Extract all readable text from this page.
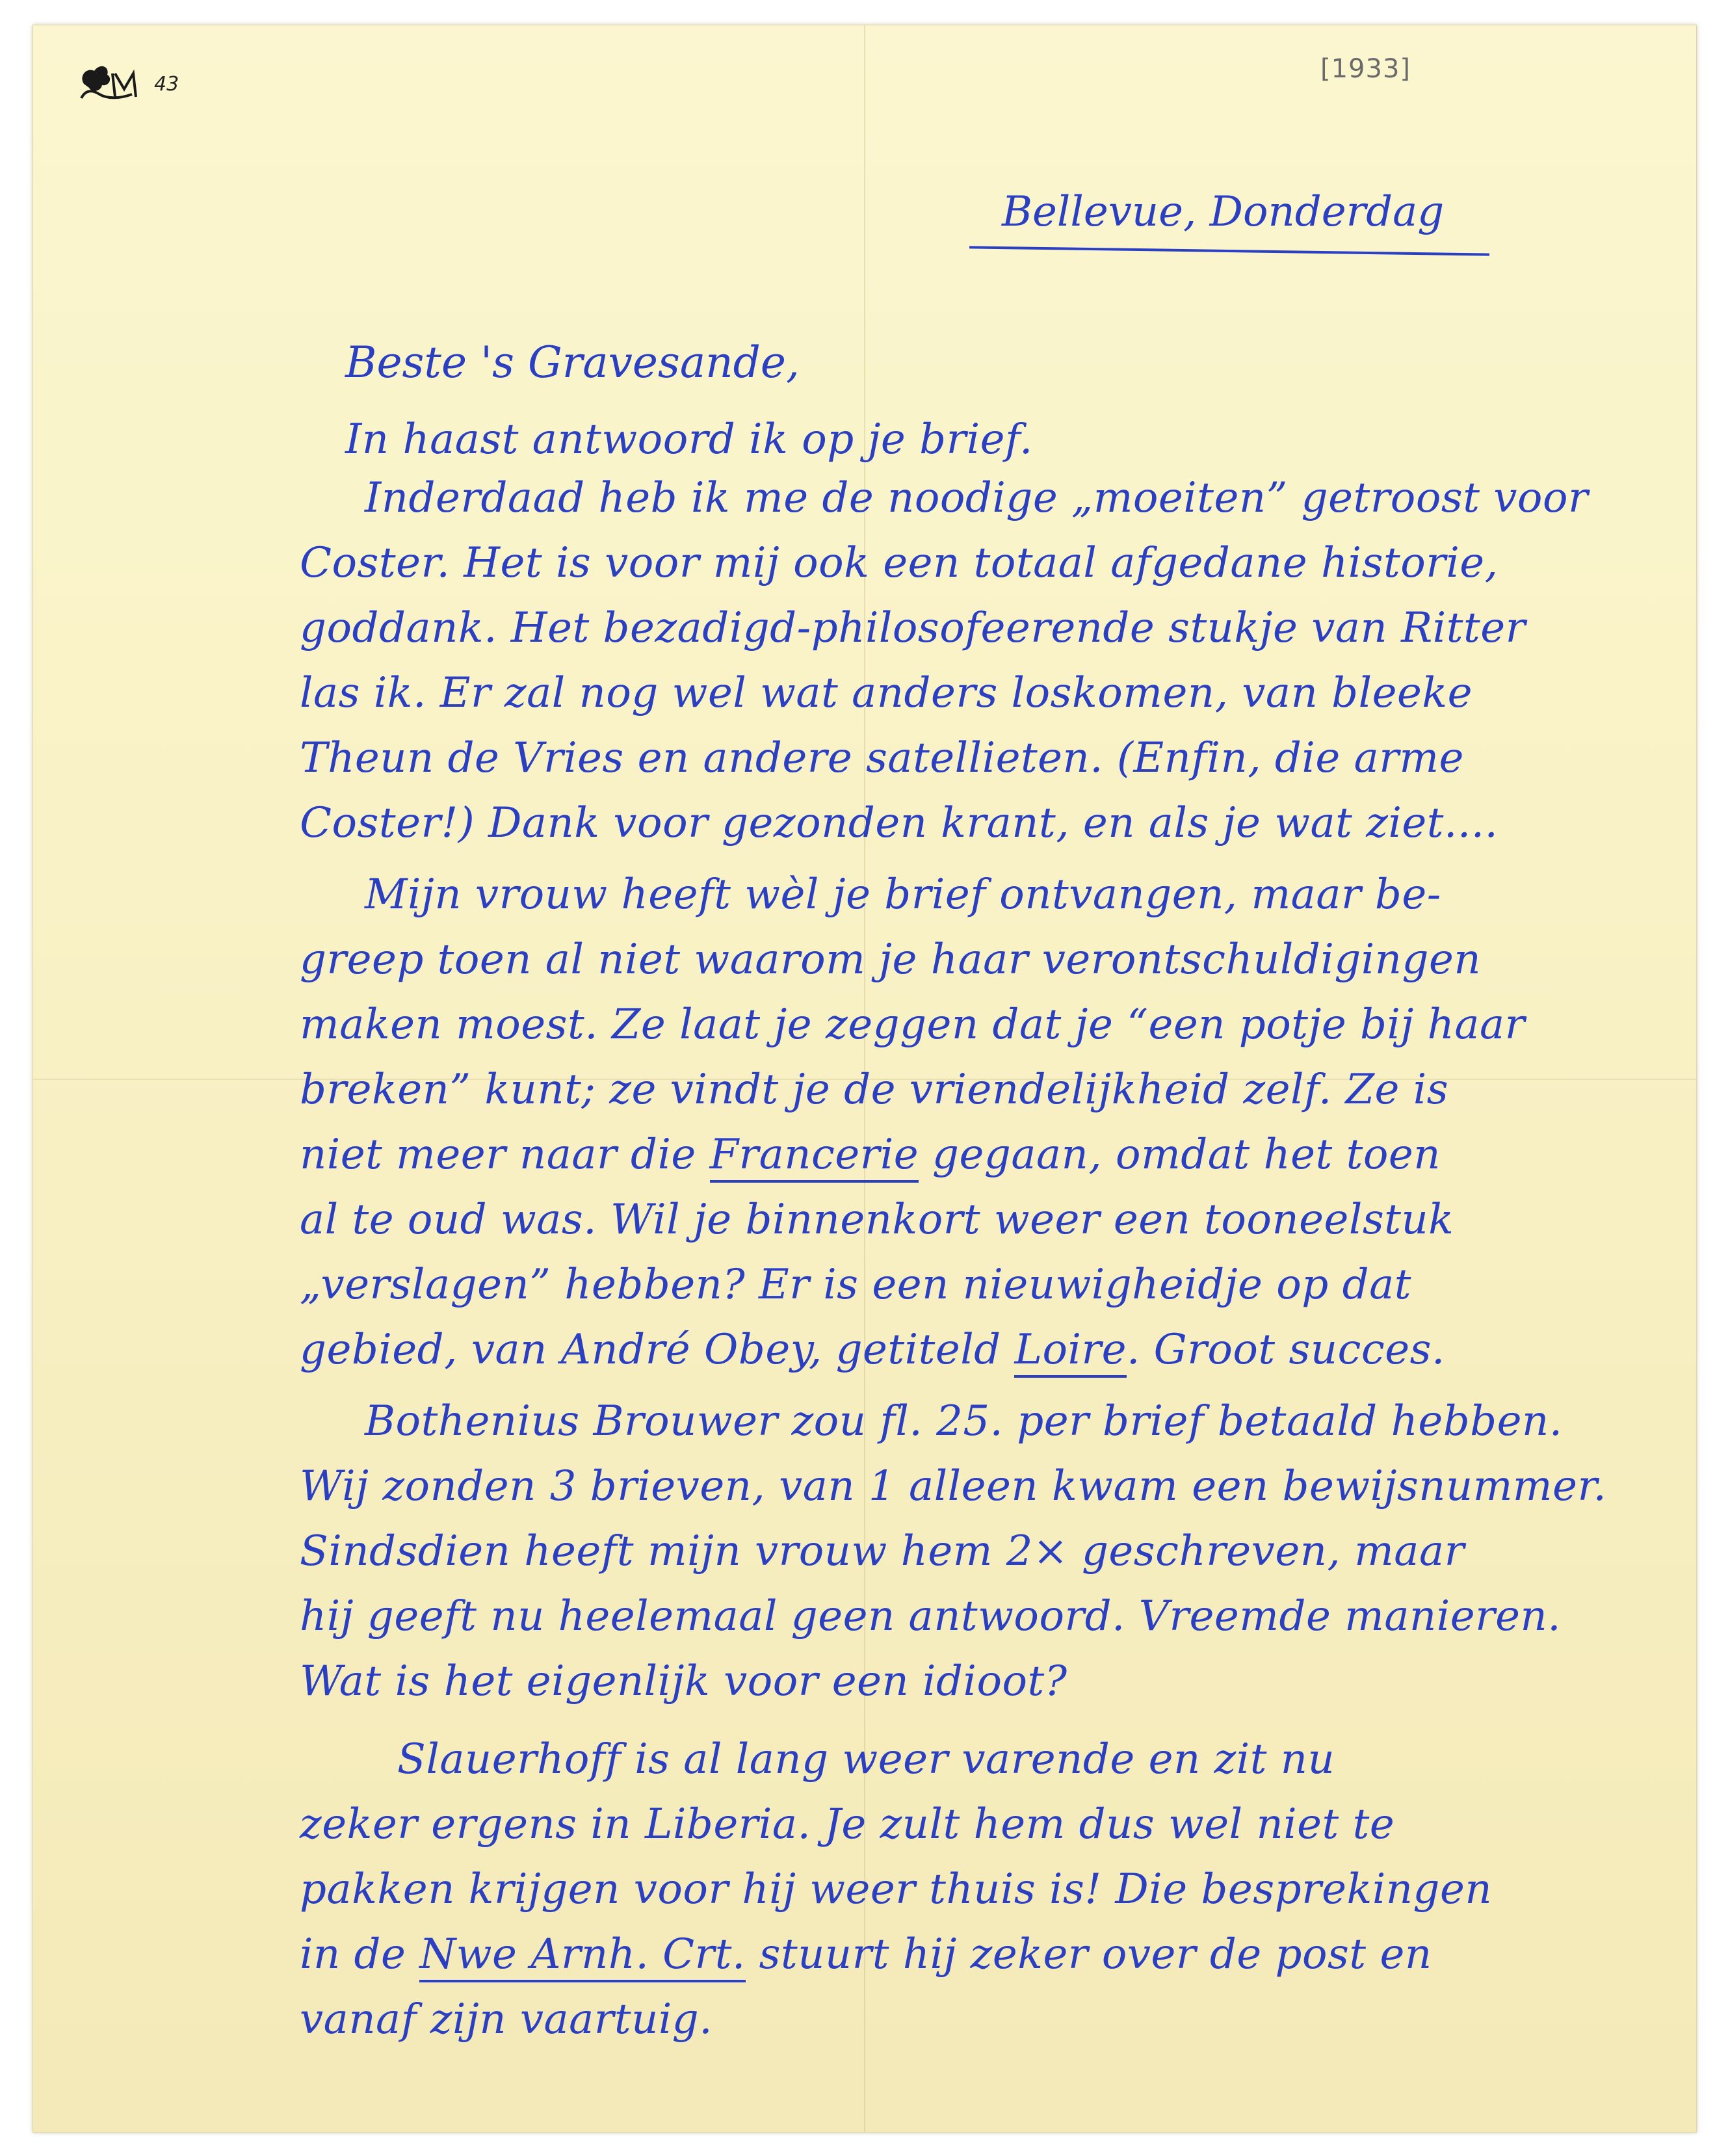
43	[1933]
Bellevue, Donderdag
Beste 's Gravesande,
In haast antwoord ik op je brief.
Inderdaad heb ik me de noodige „moeiten” getroost voor
Coster. Het is voor mij ook een totaal afgedane historie,
goddank. Het bezadigd-philosofeerende stukje van Ritter
las ik. Er zal nog wel wat anders loskomen, van bleeke
Theun de Vries en andere satellieten. (Enfin, die arme
Coster!) Dank voor gezonden krant, en als je wat ziet....
Mijn vrouw heeft wèl je brief ontvangen, maar be-
greep toen al niet waarom je haar verontschuldigingen
maken moest. Ze laat je zeggen dat je “een potje bij haar
breken” kunt; ze vindt je de vriendelijkheid zelf. Ze is
niet meer naar die Francerie gegaan, omdat het toen
al te oud was. Wil je binnenkort weer een tooneelstuk
„verslagen” hebben? Er is een nieuwigheidje op dat
gebied, van André Obey, getiteld Loire. Groot succes.
Bothenius Brouwer zou fl. 25. per brief betaald hebben.
Wij zonden 3 brieven, van 1 alleen kwam een bewijsnummer.
Sindsdien heeft mijn vrouw hem 2× geschreven, maar
hij geeft nu heelemaal geen antwoord. Vreemde manieren.
Wat is het eigenlijk voor een idioot?
Slauerhoff is al lang weer varende en zit nu
zeker ergens in Liberia. Je zult hem dus wel niet te
pakken krijgen voor hij weer thuis is! Die besprekingen
in de Nwe Arnh. Crt. stuurt hij zeker over de post en
vanaf zijn vaartuig.
